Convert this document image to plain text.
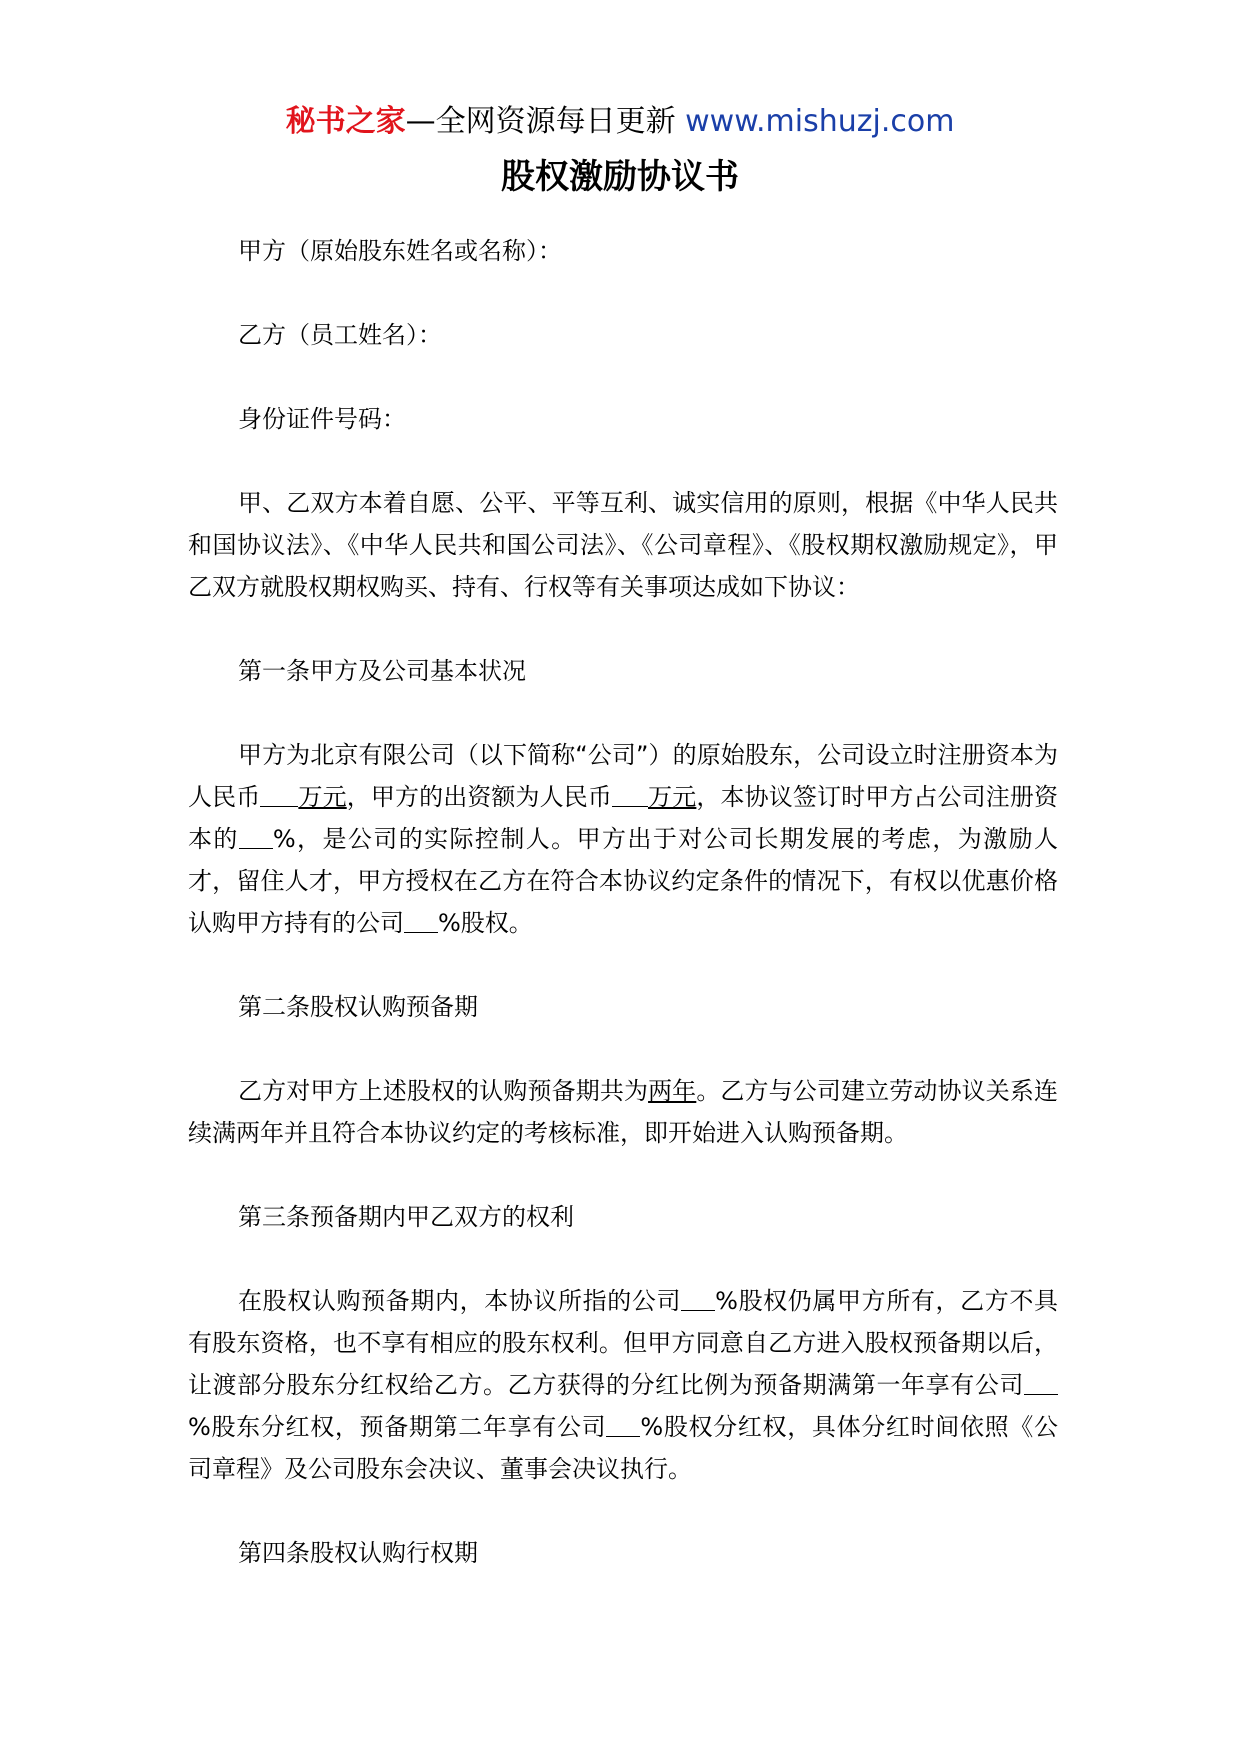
秘书之家—全网资源每日更新 www.mishuzj.com
股权激励协议书

甲方（原始股东姓名或名称）：

乙方（员工姓名）：

身份证件号码：

甲、乙双方本着自愿、公平、平等互利、诚实信用的原则，根据《中华人民共和国协议法》、《中华人民共和国公司法》、《公司章程》、《股权期权激励规定》，甲乙双方就股权期权购买、持有、行权等有关事项达成如下协议：

第一条甲方及公司基本状况

甲方为北京有限公司（以下简称“公司”）的原始股东，公司设立时注册资本为人民币 万元，甲方的出资额为人民币 万元，本协议签订时甲方占公司注册资本的 %，是公司的实际控制人。甲方出于对公司长期发展的考虑，为激励人才，留住人才，甲方授权在乙方在符合本协议约定条件的情况下，有权以优惠价格认购甲方持有的公司 %股权。

第二条股权认购预备期

乙方对甲方上述股权的认购预备期共为两年。乙方与公司建立劳动协议关系连续满两年并且符合本协议约定的考核标准，即开始进入认购预备期。

第三条预备期内甲乙双方的权利

在股权认购预备期内，本协议所指的公司 %股权仍属甲方所有，乙方不具有股东资格，也不享有相应的股东权利。但甲方同意自乙方进入股权预备期以后，让渡部分股东分红权给乙方。乙方获得的分红比例为预备期满第一年享有公司%股东分红权，预备期第二年享有公司 %股权分红权，具体分红时间依照《公司章程》及公司股东会决议、董事会决议执行。

第四条股权认购行权期
